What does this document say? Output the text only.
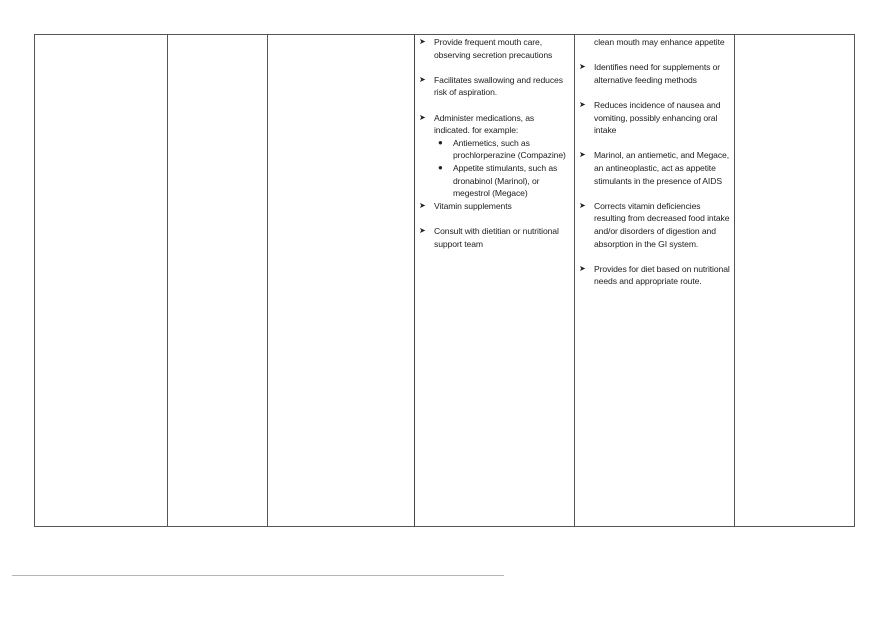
➤ Provide frequent mouth care, observing secretion precautions
➤ Facilitates swallowing and reduces risk of aspiration.
➤ Administer medications, as indicated. for example:
●	Antiemetics, such as prochlorperazine (Compazine)
●	Appetite stimulants, such as dronabinol (Marinol), or megestrol (Megace)
➤ Vitamin supplements
➤ Consult with dietitian or nutritional support team
clean mouth may enhance appetite
➤ Identifies need for supplements or alternative feeding methods
➤ Reduces incidence of nausea and vomiting, possibly enhancing oral intake
➤ Marinol, an antiemetic, and Megace, an antineoplastic, act as appetite stimulants in the presence of AIDS
➤ Corrects vitamin deficiencies resulting from decreased food intake and/or disorders of digestion and absorption in the GI system.
➤ Provides for diet based on nutritional needs and appropriate route.
